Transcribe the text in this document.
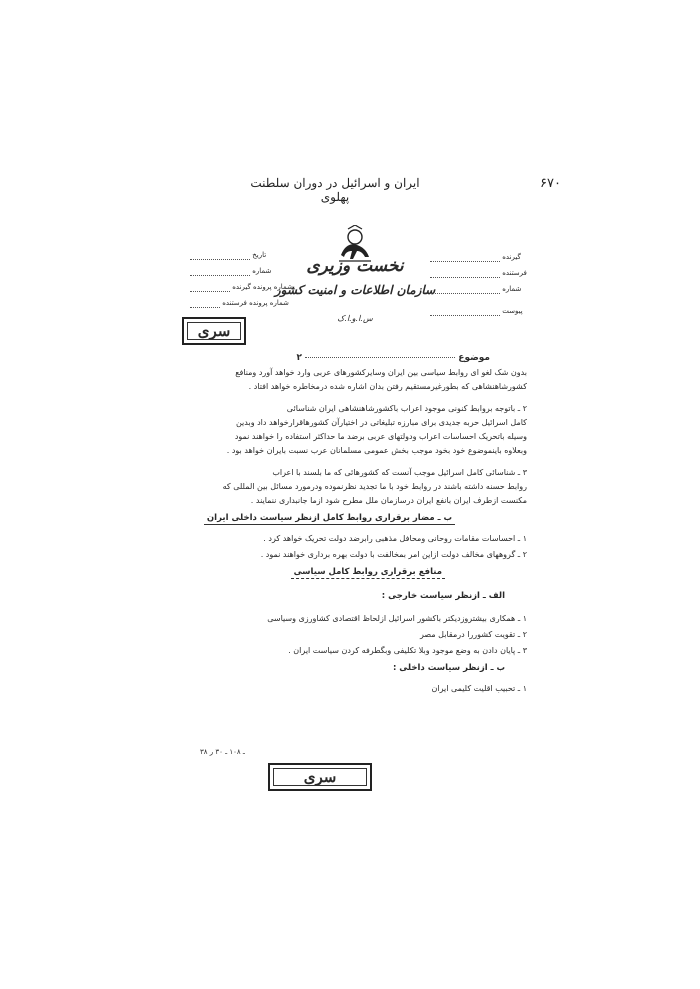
۶۷۰
ایران و اسرائیل در دوران سلطنت پهلوی
نخست وزیری
سازمان اطلاعات و امنیت کشور
س.ا.و.ا.ک
تاریخ
شماره
شماره پرونده گیرنده
شماره پرونده فرستنده
گیرنده
فرستنده
شماره
پیوست
سری
موضوع  ۲
بدون شک لغو ای روابط سیاسی بین ایران وسایرکشورهای عربی وارد خواهد آورد ومنافع
کشورشاهنشاهی که بطورغیرمستقیم رفتن بدان اشاره شده درمخاطره خواهد افتاد .
۲ ـ باتوجه بروابط کنونی موجود اعراب باکشورشاهنشاهی ایران شناسائی
کامل اسرائیل حربه جدیدی برای مبارزه تبلیغاتی در اختیارآن کشورهاقرارخواهد داد وبدین
وسیله باتحریک احساسات اعراب ودولتهای عربی برضد ما حداکثر استفاده را خواهند نمود
وبعلاوه باینموضوع خود بخود موجب بخش عمومی مسلمانان عرب نسبت بایران خواهد بود .
۳ ـ شناسائی کامل اسرائیل موجب آنست که کشورهائی که ما بلسند با اعراب
روابط حسنه داشته باشند در روابط خود با ما تجدید نظرنموده ودرمورد مسائل بین المللی که
مکنست ازطرف ایران بانفع ایران درسازمان ملل مطرح شود ازما جانبداری ننمایند .
ب ـ مضار برقراری روابط کامل ازنظر سیاست داخلی ایران
۱ ـ احساسات مقامات روحانی ومحافل مذهبی رابرضد دولت تحریک خواهد کرد .
۲ ـ گروههای مخالف دولت ازاین امر بمخالفت با دولت بهره برداری خواهند نمود .
منافع برقراری روابط کامل سیاسی
الف ـ ازنظر سیاست خارجی :
۱ ـ همکاری بیشتروزدیکتر باکشور اسرائیل ازلحاظ اقتصادی کشاورزی وسیاسی
۲ ـ تقویت کشوررا درمقابل مصر
۳ ـ پایان دادن به وضع موجود وبلا تکلیفی وبگطرفه کردن سیاست ایران .
ب ـ ازنظر سیاست داخلی :
۱ ـ تحبیب اقلیت کلیمی ایران
۳۸ ـ ۱۰۸ ـ ۳۰ ر
سری
